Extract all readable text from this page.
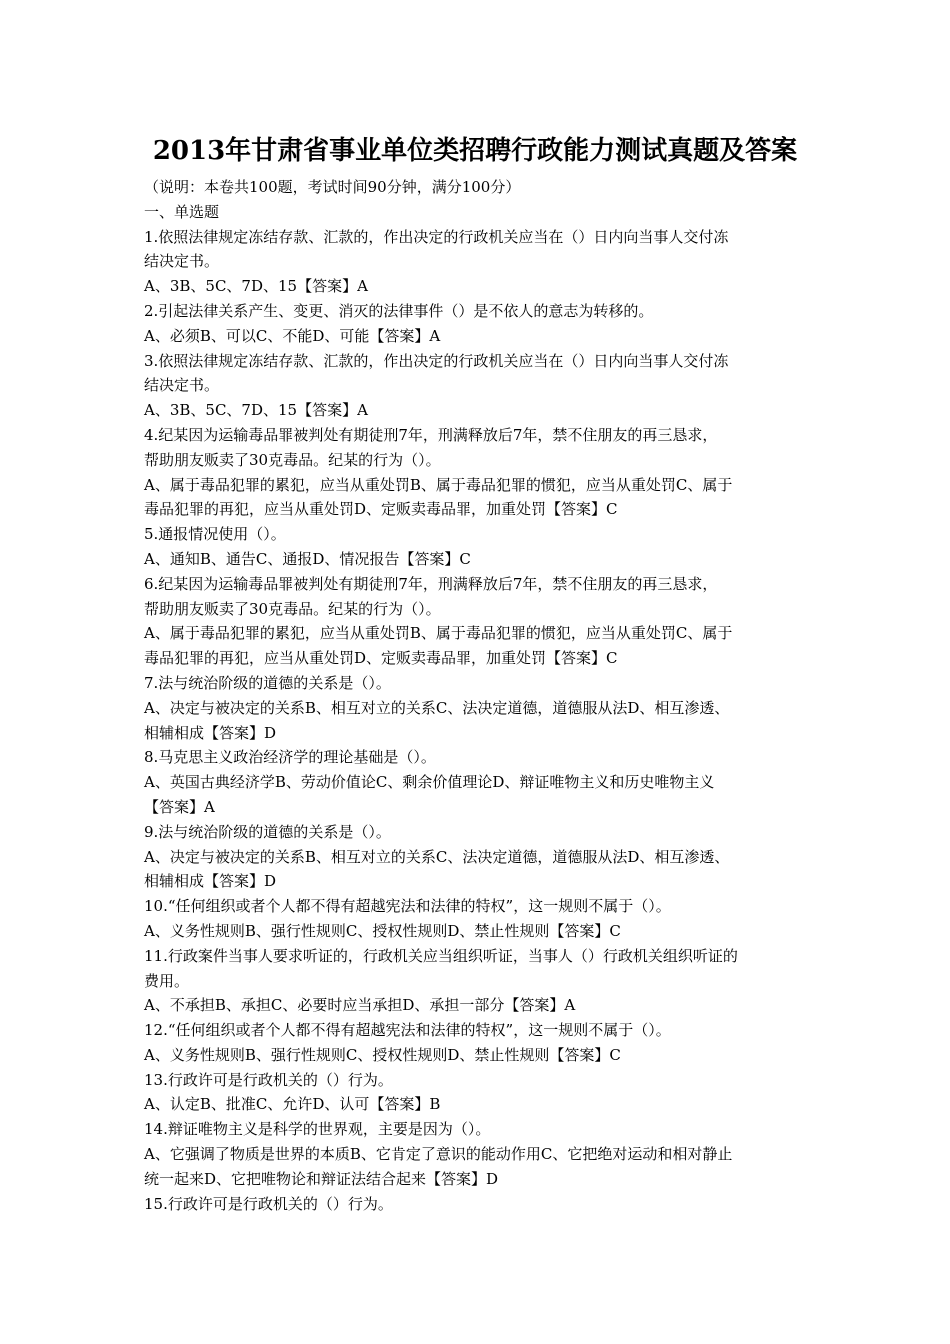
2013年甘肃省事业单位类招聘行政能力测试真题及答案
（说明：本卷共100题，考试时间90分钟，满分100分）
一、单选题
1.依照法律规定冻结存款、汇款的，作出决定的行政机关应当在（）日内向当事人交付冻
结决定书。
A、3B、5C、7D、15【答案】A
2.引起法律关系产生、变更、消灭的法律事件（）是不依人的意志为转移的。
A、必须B、可以C、不能D、可能【答案】A
3.依照法律规定冻结存款、汇款的，作出决定的行政机关应当在（）日内向当事人交付冻
结决定书。
A、3B、5C、7D、15【答案】A
4.纪某因为运输毒品罪被判处有期徒刑7年，刑满释放后7年，禁不住朋友的再三恳求，
帮助朋友贩卖了30克毒品。纪某的行为（）。
A、属于毒品犯罪的累犯，应当从重处罚B、属于毒品犯罪的惯犯，应当从重处罚C、属于
毒品犯罪的再犯，应当从重处罚D、定贩卖毒品罪，加重处罚【答案】C
5.通报情况使用（）。
A、通知B、通告C、通报D、情况报告【答案】C
6.纪某因为运输毒品罪被判处有期徒刑7年，刑满释放后7年，禁不住朋友的再三恳求，
帮助朋友贩卖了30克毒品。纪某的行为（）。
A、属于毒品犯罪的累犯，应当从重处罚B、属于毒品犯罪的惯犯，应当从重处罚C、属于
毒品犯罪的再犯，应当从重处罚D、定贩卖毒品罪，加重处罚【答案】C
7.法与统治阶级的道德的关系是（）。
A、决定与被决定的关系B、相互对立的关系C、法决定道德，道德服从法D、相互渗透、
相辅相成【答案】D
8.马克思主义政治经济学的理论基础是（）。
A、英国古典经济学B、劳动价值论C、剩余价值理论D、辩证唯物主义和历史唯物主义
【答案】A
9.法与统治阶级的道德的关系是（）。
A、决定与被决定的关系B、相互对立的关系C、法决定道德，道德服从法D、相互渗透、
相辅相成【答案】D
10.“任何组织或者个人都不得有超越宪法和法律的特权”，这一规则不属于（）。
A、义务性规则B、强行性规则C、授权性规则D、禁止性规则【答案】C
11.行政案件当事人要求听证的，行政机关应当组织听证，当事人（）行政机关组织听证的
费用。
A、不承担B、承担C、必要时应当承担D、承担一部分【答案】A
12.“任何组织或者个人都不得有超越宪法和法律的特权”，这一规则不属于（）。
A、义务性规则B、强行性规则C、授权性规则D、禁止性规则【答案】C
13.行政许可是行政机关的（）行为。
A、认定B、批准C、允许D、认可【答案】B
14.辩证唯物主义是科学的世界观，主要是因为（）。
A、它强调了物质是世界的本质B、它肯定了意识的能动作用C、它把绝对运动和相对静止
统一起来D、它把唯物论和辩证法结合起来【答案】D
15.行政许可是行政机关的（）行为。
